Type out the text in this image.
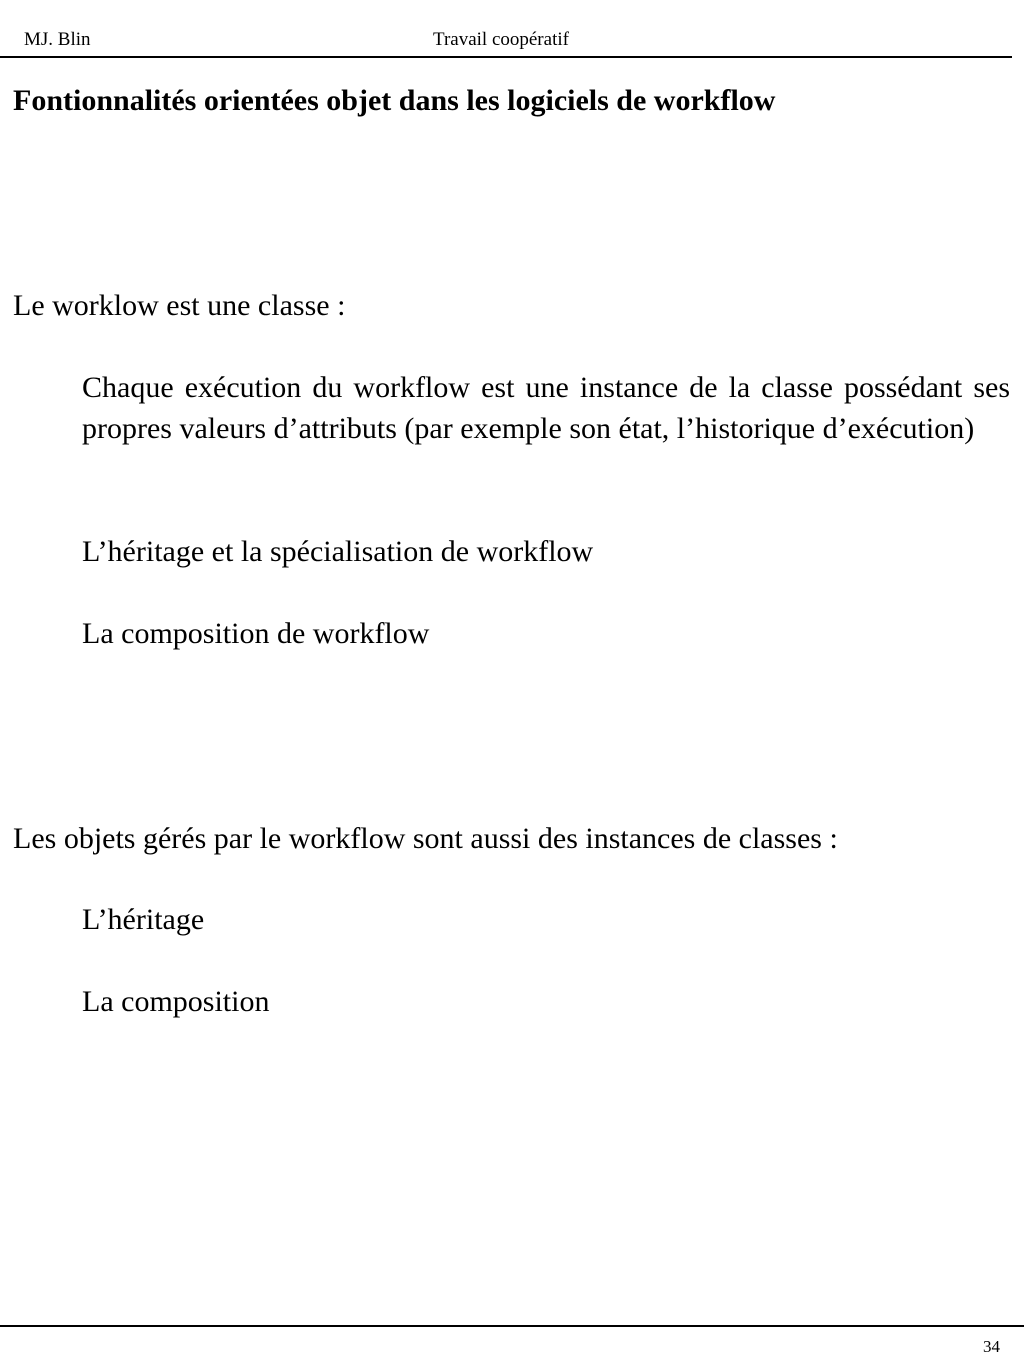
MJ. Blin	Travail coopératif
Fontionnalités orientées objet dans les logiciels de workflow
Le worklow est une classe :
Chaque exécution du workflow est une instance de la classe possédant ses propres valeurs d’attributs (par exemple son état, l’historique d’exécution)
L’héritage et la spécialisation de workflow
La composition de workflow
Les objets gérés par le workflow sont aussi des instances de classes :
L’héritage
La composition
34
